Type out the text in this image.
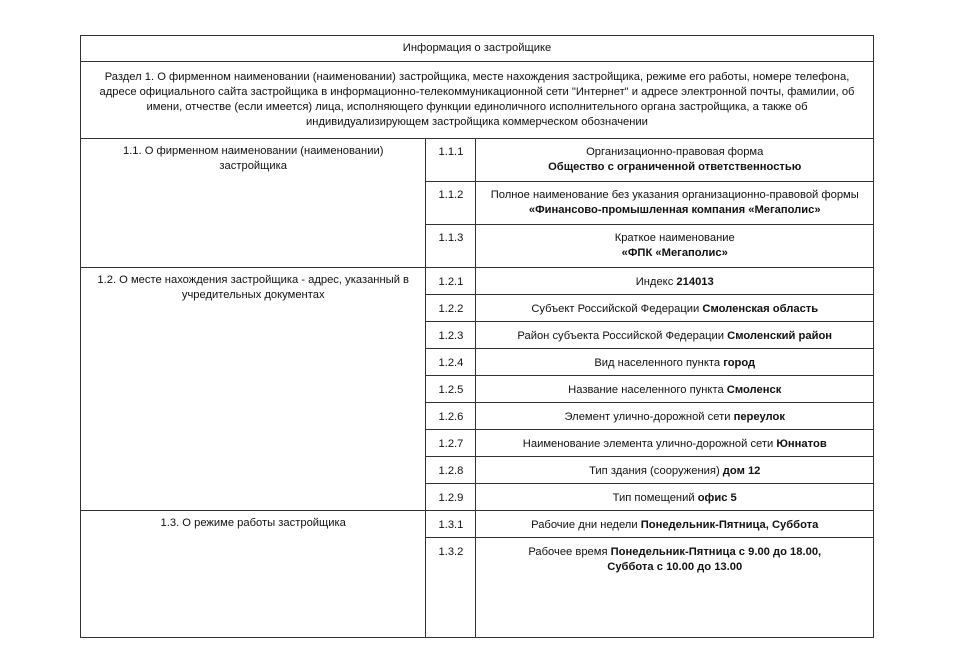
Информация о застройщике		
Раздел 1. О фирменном наименовании (наименовании) застройщика, месте нахождения застройщика, режиме его работы, номере телефона, адресе официального сайта застройщика в информационно-телекоммуникационной сети "Интернет" и адресе электронной почты, фамилии, об имени, отчестве (если имеется) лица, исполняющего функции единоличного исполнительного органа застройщика, а также об индивидуализирующем застройщика коммерческом обозначении		
1.1. О фирменном наименовании (наименовании) застройщика	1.1.1	Организационно-правовая форма
Общество с ограниченной ответственностью
	1.1.2	Полное наименование без указания организационно-правовой формы
«Финансово-промышленная компания «Мегаполис»
	1.1.3	Краткое наименование
«ФПК «Мегаполис»
1.2. О месте нахождения застройщика - адрес, указанный в учредительных документах	1.2.1	Индекс 214013
	1.2.2	Субъект Российской Федерации Смоленская область
	1.2.3	Район субъекта Российской Федерации Смоленский район
	1.2.4	Вид населенного пункта город
	1.2.5	Название населенного пункта Смоленск
	1.2.6	Элемент улично-дорожной сети переулок
	1.2.7	Наименование элемента улично-дорожной сети Юннатов
	1.2.8	Тип здания (сооружения) дом 12
	1.2.9	Тип помещений офис 5
1.3. О режиме работы застройщика	1.3.1	Рабочие дни недели Понедельник-Пятница, Суббота
	1.3.2	Рабочее время Понедельник-Пятница с 9.00 до 18.00,
Суббота с 10.00 до 13.00
